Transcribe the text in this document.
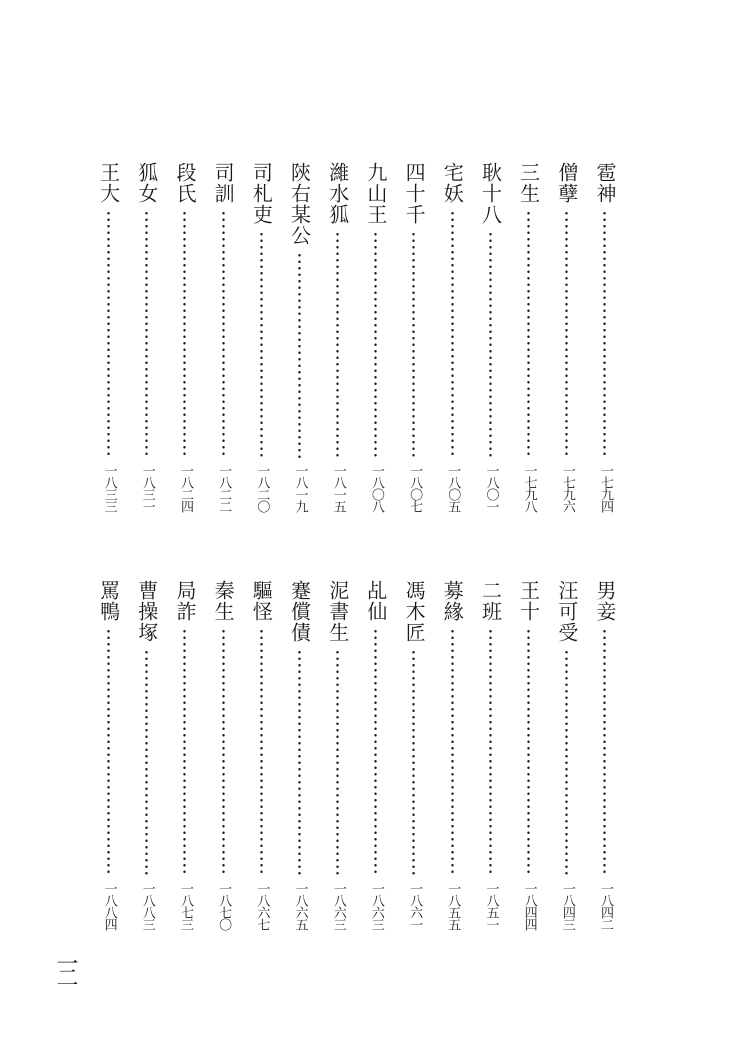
雹神
一七九四
僧孽
一七九六
三生
一七九八
耿十八
一八〇一
宅妖
一八〇五
四十千
一八〇七
九山王
一八〇八
濰水狐
一八一五
陝右某公
一八一九
司札吏
一八二〇
司訓
一八二二
段氏
一八二四
狐女
一八三一
王大
一八三三
男妾
一八四二
汪可受
一八四三
王十
一八四四
二班
一八五一
募緣
一八五五
馮木匠
一八六一
乩仙
一八六三
泥書生
一八六三
蹇償債
一八六五
驅怪
一八六七
秦生
一八七〇
局詐
一八七三
曹操塚
一八八三
罵鴨
一八八四
一二
